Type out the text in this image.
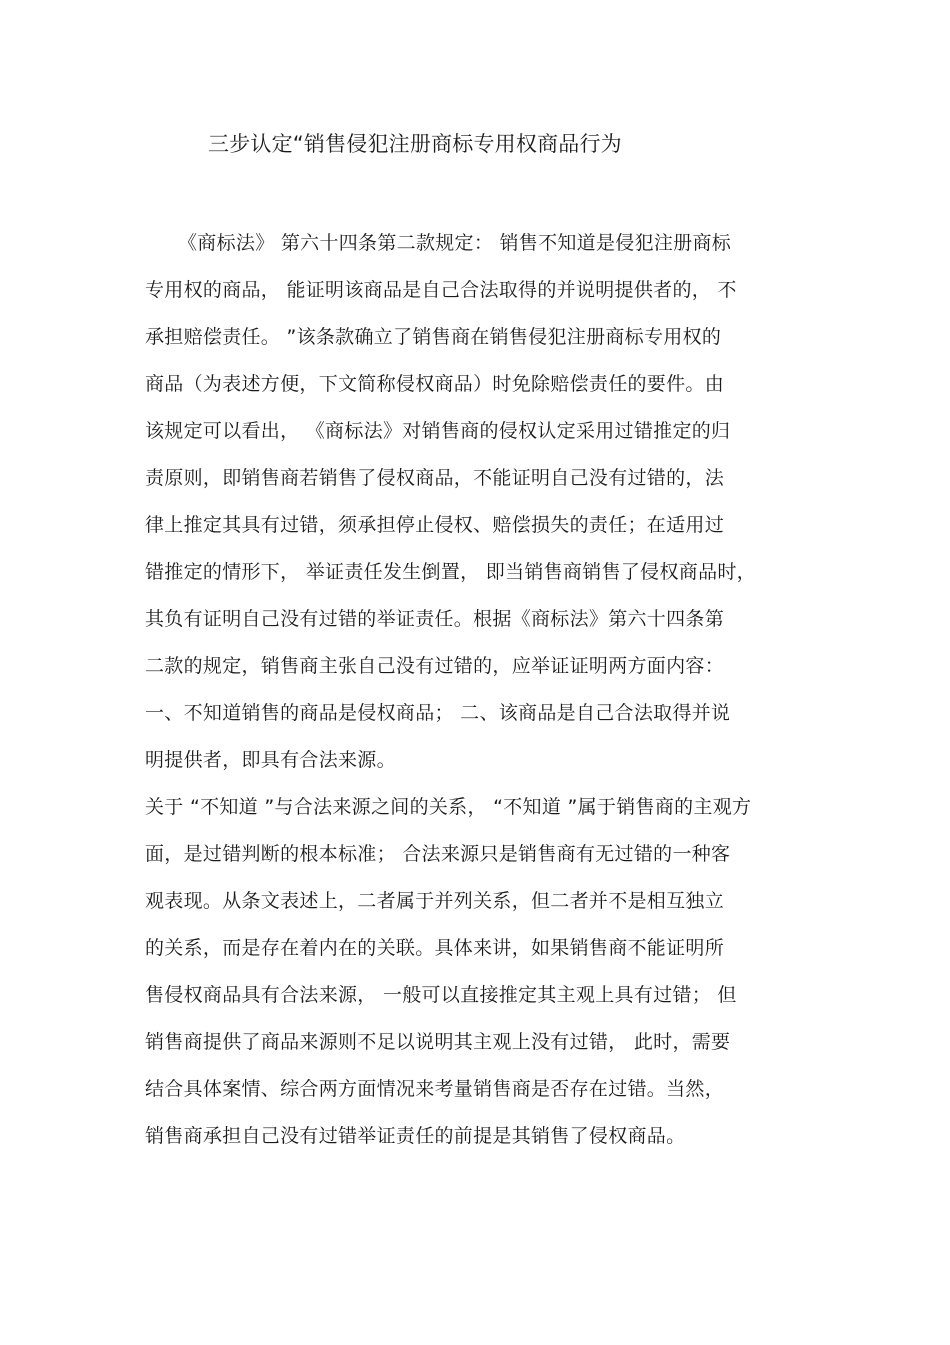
三步认定“销售侵犯注册商标专用权商品行为
《商标法》 第六十四条第二款规定： 销售不知道是侵犯注册商标
专用权的商品， 能证明该商品是自己合法取得的并说明提供者的， 不
承担赔偿责任。 ”该条款确立了销售商在销售侵犯注册商标专用权的
商品（为表述方便，下文简称侵权商品）时免除赔偿责任的要件。由
该规定可以看出， 《商标法》对销售商的侵权认定采用过错推定的归
责原则，即销售商若销售了侵权商品，不能证明自己没有过错的，法
律上推定其具有过错，须承担停止侵权、赔偿损失的责任；在适用过
错推定的情形下， 举证责任发生倒置， 即当销售商销售了侵权商品时，
其负有证明自己没有过错的举证责任。根据《商标法》第六十四条第
二款的规定，销售商主张自己没有过错的，应举证证明两方面内容：
一、不知道销售的商品是侵权商品； 二、该商品是自己合法取得并说
明提供者，即具有合法来源。
关于 “不知道 ”与合法来源之间的关系， “不知道 ”属于销售商的主观方
面，是过错判断的根本标准； 合法来源只是销售商有无过错的一种客
观表现。从条文表述上，二者属于并列关系，但二者并不是相互独立
的关系，而是存在着内在的关联。具体来讲，如果销售商不能证明所
售侵权商品具有合法来源， 一般可以直接推定其主观上具有过错； 但
销售商提供了商品来源则不足以说明其主观上没有过错， 此时，需要
结合具体案情、综合两方面情况来考量销售商是否存在过错。当然，
销售商承担自己没有过错举证责任的前提是其销售了侵权商品。
